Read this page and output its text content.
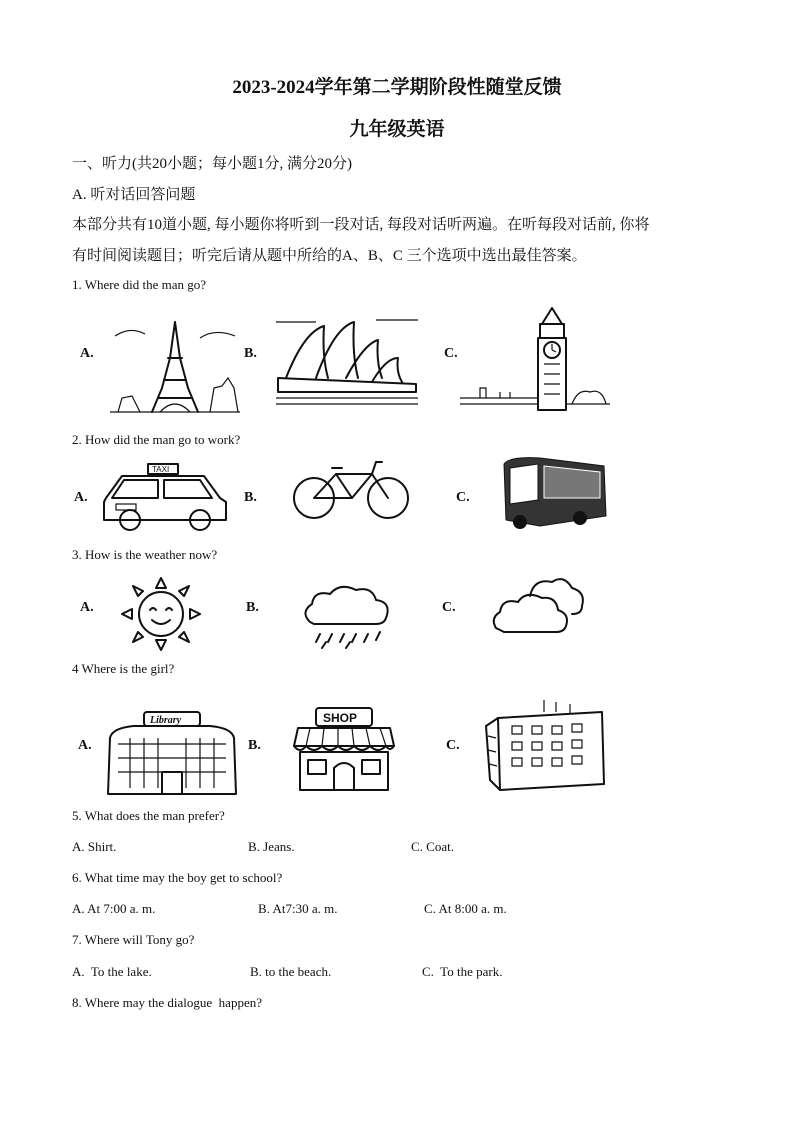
2023-2024学年第二学期阶段性随堂反馈
九年级英语
一、听力(共20小题；每小题1分, 满分20分)
A. 听对话回答问题
本部分共有10道小题, 每小题你将听到一段对话, 每段对话听两遍。在听每段对话前, 你将
有时间阅读题目；听完后请从题中所给的A、B、C 三个选项中选出最佳答案。
1. Where did the man go?
A.	B.	C.
2. How did the man go to work?
A.	B.	C.
TAXI
3. How is the weather now?
A.	B.	C.
4 Where is the girl?
A.	B.	C.
Library	SHOP
5. What does the man prefer?
A. Shirt.	B. Jeans.	C. Coat.
6. What time may the boy get to school?
A. At 7:00 a. m.	B. At7:30 a. m.	C. At 8:00 a. m.
7. Where will Tony go?
A.  To the lake.	B. to the beach.	C.  To the park.
8. Where may the dialogue  happen?
